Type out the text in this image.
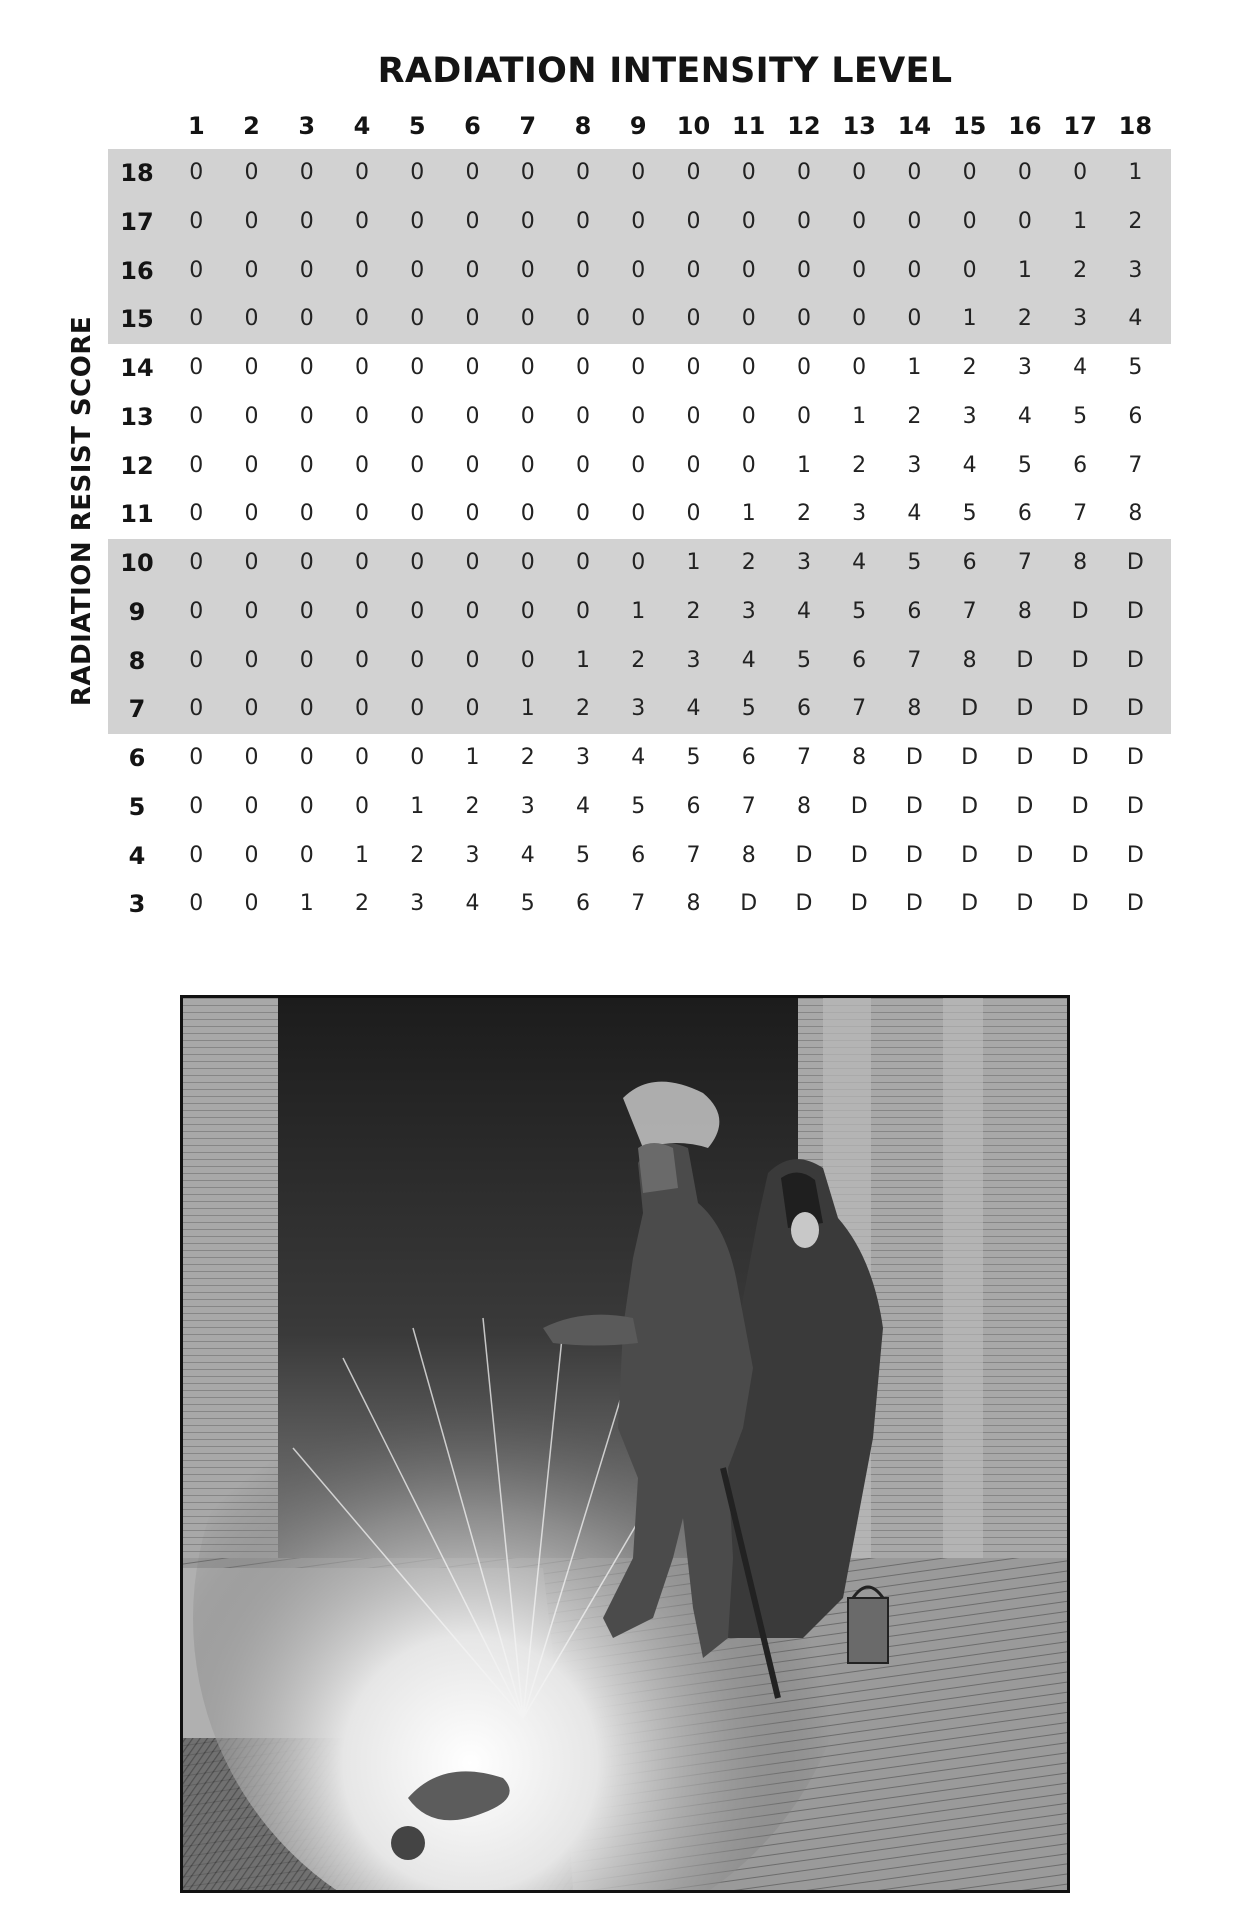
RADIATION INTENSITY LEVEL
RADIATION RESIST SCORE
1	2	3	4	5	6	7	8	9	10 11 12 13 14 15 16 17 18
18	0	0	0	0	0	0	0	0	0	0	0	0	0	0	0	0	0	1
17	0	0	0	0	0	0	0	0	0	0	0	0	0	0	0	0	1	2
16	0	0	0	0	0	0	0	0	0	0	0	0	0	0	0	1	2	3
15	0	0	0	0	0	0	0	0	0	0	0	0	0	0	1	2	3	4
14	0	0	0	0	0	0	0	0	0	0	0	0	0	1	2	3	4	5
13	0	0	0	0	0	0	0	0	0	0	0	0	1	2	3	4	5	6
12	0	0	0	0	0	0	0	0	0	0	0	1	2	3	4	5	6	7
11	0	0	0	0	0	0	0	0	0	0	1	2	3	4	5	6	7	8
10	0	0	0	0	0	0	0	0	0	1	2	3	4	5	6	7	8	D
9	0	0	0	0	0	0	0	0	1	2	3	4	5	6	7	8	D	D
8	0	0	0	0	0	0	0	1	2	3	4	5	6	7	8	D	D	D
7	0	0	0	0	0	0	1	2	3	4	5	6	7	8	D	D	D	D
6	0	0	0	0	0	1	2	3	4	5	6	7	8	D	D	D	D	D
5	0	0	0	0	1	2	3	4	5	6	7	8	D	D	D	D	D	D
4	0	0	0	1	2	3	4	5	6	7	8	D	D	D	D	D	D	D
3	0	0	1	2	3	4	5	6	7	8	D	D	D	D	D	D	D	D
